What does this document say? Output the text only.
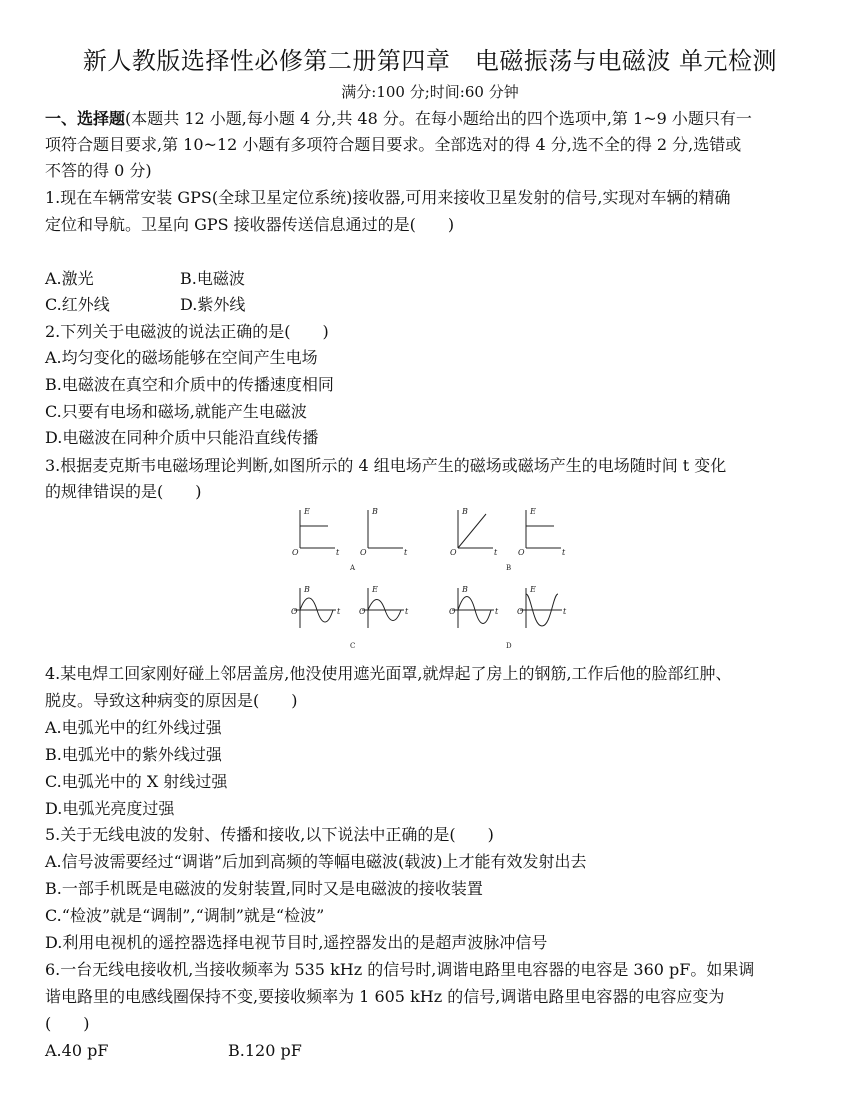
新人教版选择性必修第二册第四章　电磁振荡与电磁波 单元检测
满分:100 分;时间:60 分钟
一、选择题(本题共 12 小题,每小题 4 分,共 48 分。在每小题给出的四个选项中,第 1~9 小题只有一
项符合题目要求,第 10~12 小题有多项符合题目要求。全部选对的得 4 分,选不全的得 2 分,选错或
不答的得 0 分)
1.现在车辆常安装 GPS(全球卫星定位系统)接收器,可用来接收卫星发射的信号,实现对车辆的精确
定位和导航。卫星向 GPS 接收器传送信息通过的是(　　)
A.激光	B.电磁波
C.红外线	D.紫外线
2.下列关于电磁波的说法正确的是(　　)
A.均匀变化的磁场能够在空间产生电场
B.电磁波在真空和介质中的传播速度相同
C.只要有电场和磁场,就能产生电磁波
D.电磁波在同种介质中只能沿直线传播
3.根据麦克斯韦电磁场理论判断,如图所示的 4 组电场产生的磁场或磁场产生的电场随时间 t 变化
的规律错误的是(　　)
E
O	t
B
O	t
B
O	t
E
O	t
B
O	t
E
O	t
B
O	t
E
O	t
A	B
C	D
4.某电焊工回家刚好碰上邻居盖房,他没使用遮光面罩,就焊起了房上的钢筋,工作后他的脸部红肿、
脱皮。导致这种病变的原因是(　　)
A.电弧光中的红外线过强
B.电弧光中的紫外线过强
C.电弧光中的 X 射线过强
D.电弧光亮度过强
5.关于无线电波的发射、传播和接收,以下说法中正确的是(　　)
A.信号波需要经过“调谐”后加到高频的等幅电磁波(载波)上才能有效发射出去
B.一部手机既是电磁波的发射装置,同时又是电磁波的接收装置
C.“检波”就是“调制”,“调制”就是“检波”
D.利用电视机的遥控器选择电视节目时,遥控器发出的是超声波脉冲信号
6.一台无线电接收机,当接收频率为 535 kHz 的信号时,调谐电路里电容器的电容是 360 pF。如果调
谐电路里的电感线圈保持不变,要接收频率为 1 605 kHz 的信号,调谐电路里电容器的电容应变为
(　　)
A.40 pF	B.120 pF
